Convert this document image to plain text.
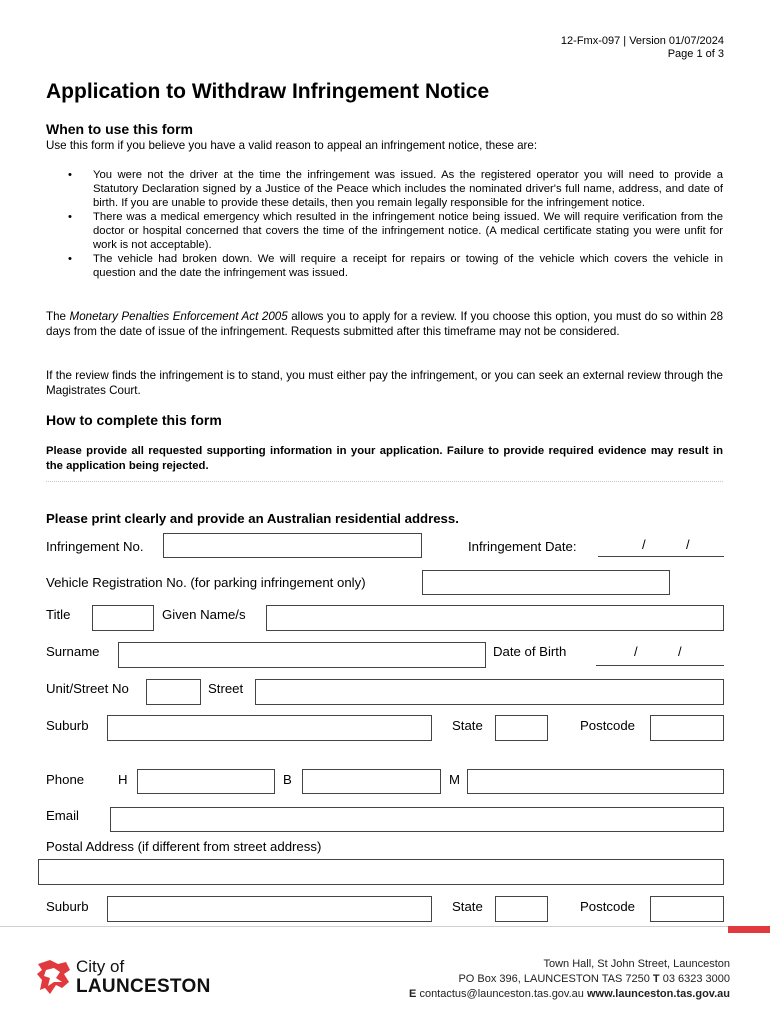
12-Fmx-097 | Version 01/07/2024
Page 1 of 3
Application to Withdraw Infringement Notice
When to use this form
Use this form if you believe you have a valid reason to appeal an infringement notice, these are:
• You were not the driver at the time the infringement was issued. As the registered operator you will need to provide a Statutory Declaration signed by a Justice of the Peace which includes the nominated driver's full name, address, and date of birth. If you are unable to provide these details, then you remain legally responsible for the infringement notice.
• There was a medical emergency which resulted in the infringement notice being issued. We will require verification from the doctor or hospital concerned that covers the time of the infringement notice. (A medical certificate stating you were unfit for work is not acceptable).
• The vehicle had broken down. We will require a receipt for repairs or towing of the vehicle which covers the vehicle in question and the date the infringement was issued.
The Monetary Penalties Enforcement Act 2005 allows you to apply for a review. If you choose this option, you must do so within 28 days from the date of issue of the infringement. Requests submitted after this timeframe may not be considered.
If the review finds the infringement is to stand, you must either pay the infringement, or you can seek an external review through the Magistrates Court.
How to complete this form
Please provide all requested supporting information in your application. Failure to provide required evidence may result in the application being rejected.
Please print clearly and provide an Australian residential address.
Infringement No.	Infringement Date:	/	/
Vehicle Registration No. (for parking infringement only)
Title	Given Name/s
Surname	Date of Birth	/	/
Unit/Street No	Street
Suburb	State	Postcode
Phone	H	B	M
Email
Postal Address (if different from street address)
Suburb	State	Postcode
City of
LAUNCESTON
Town Hall, St John Street, Launceston
PO Box 396, LAUNCESTON TAS 7250 T 03 6323 3000
E contactus@launceston.tas.gov.au www.launceston.tas.gov.au
